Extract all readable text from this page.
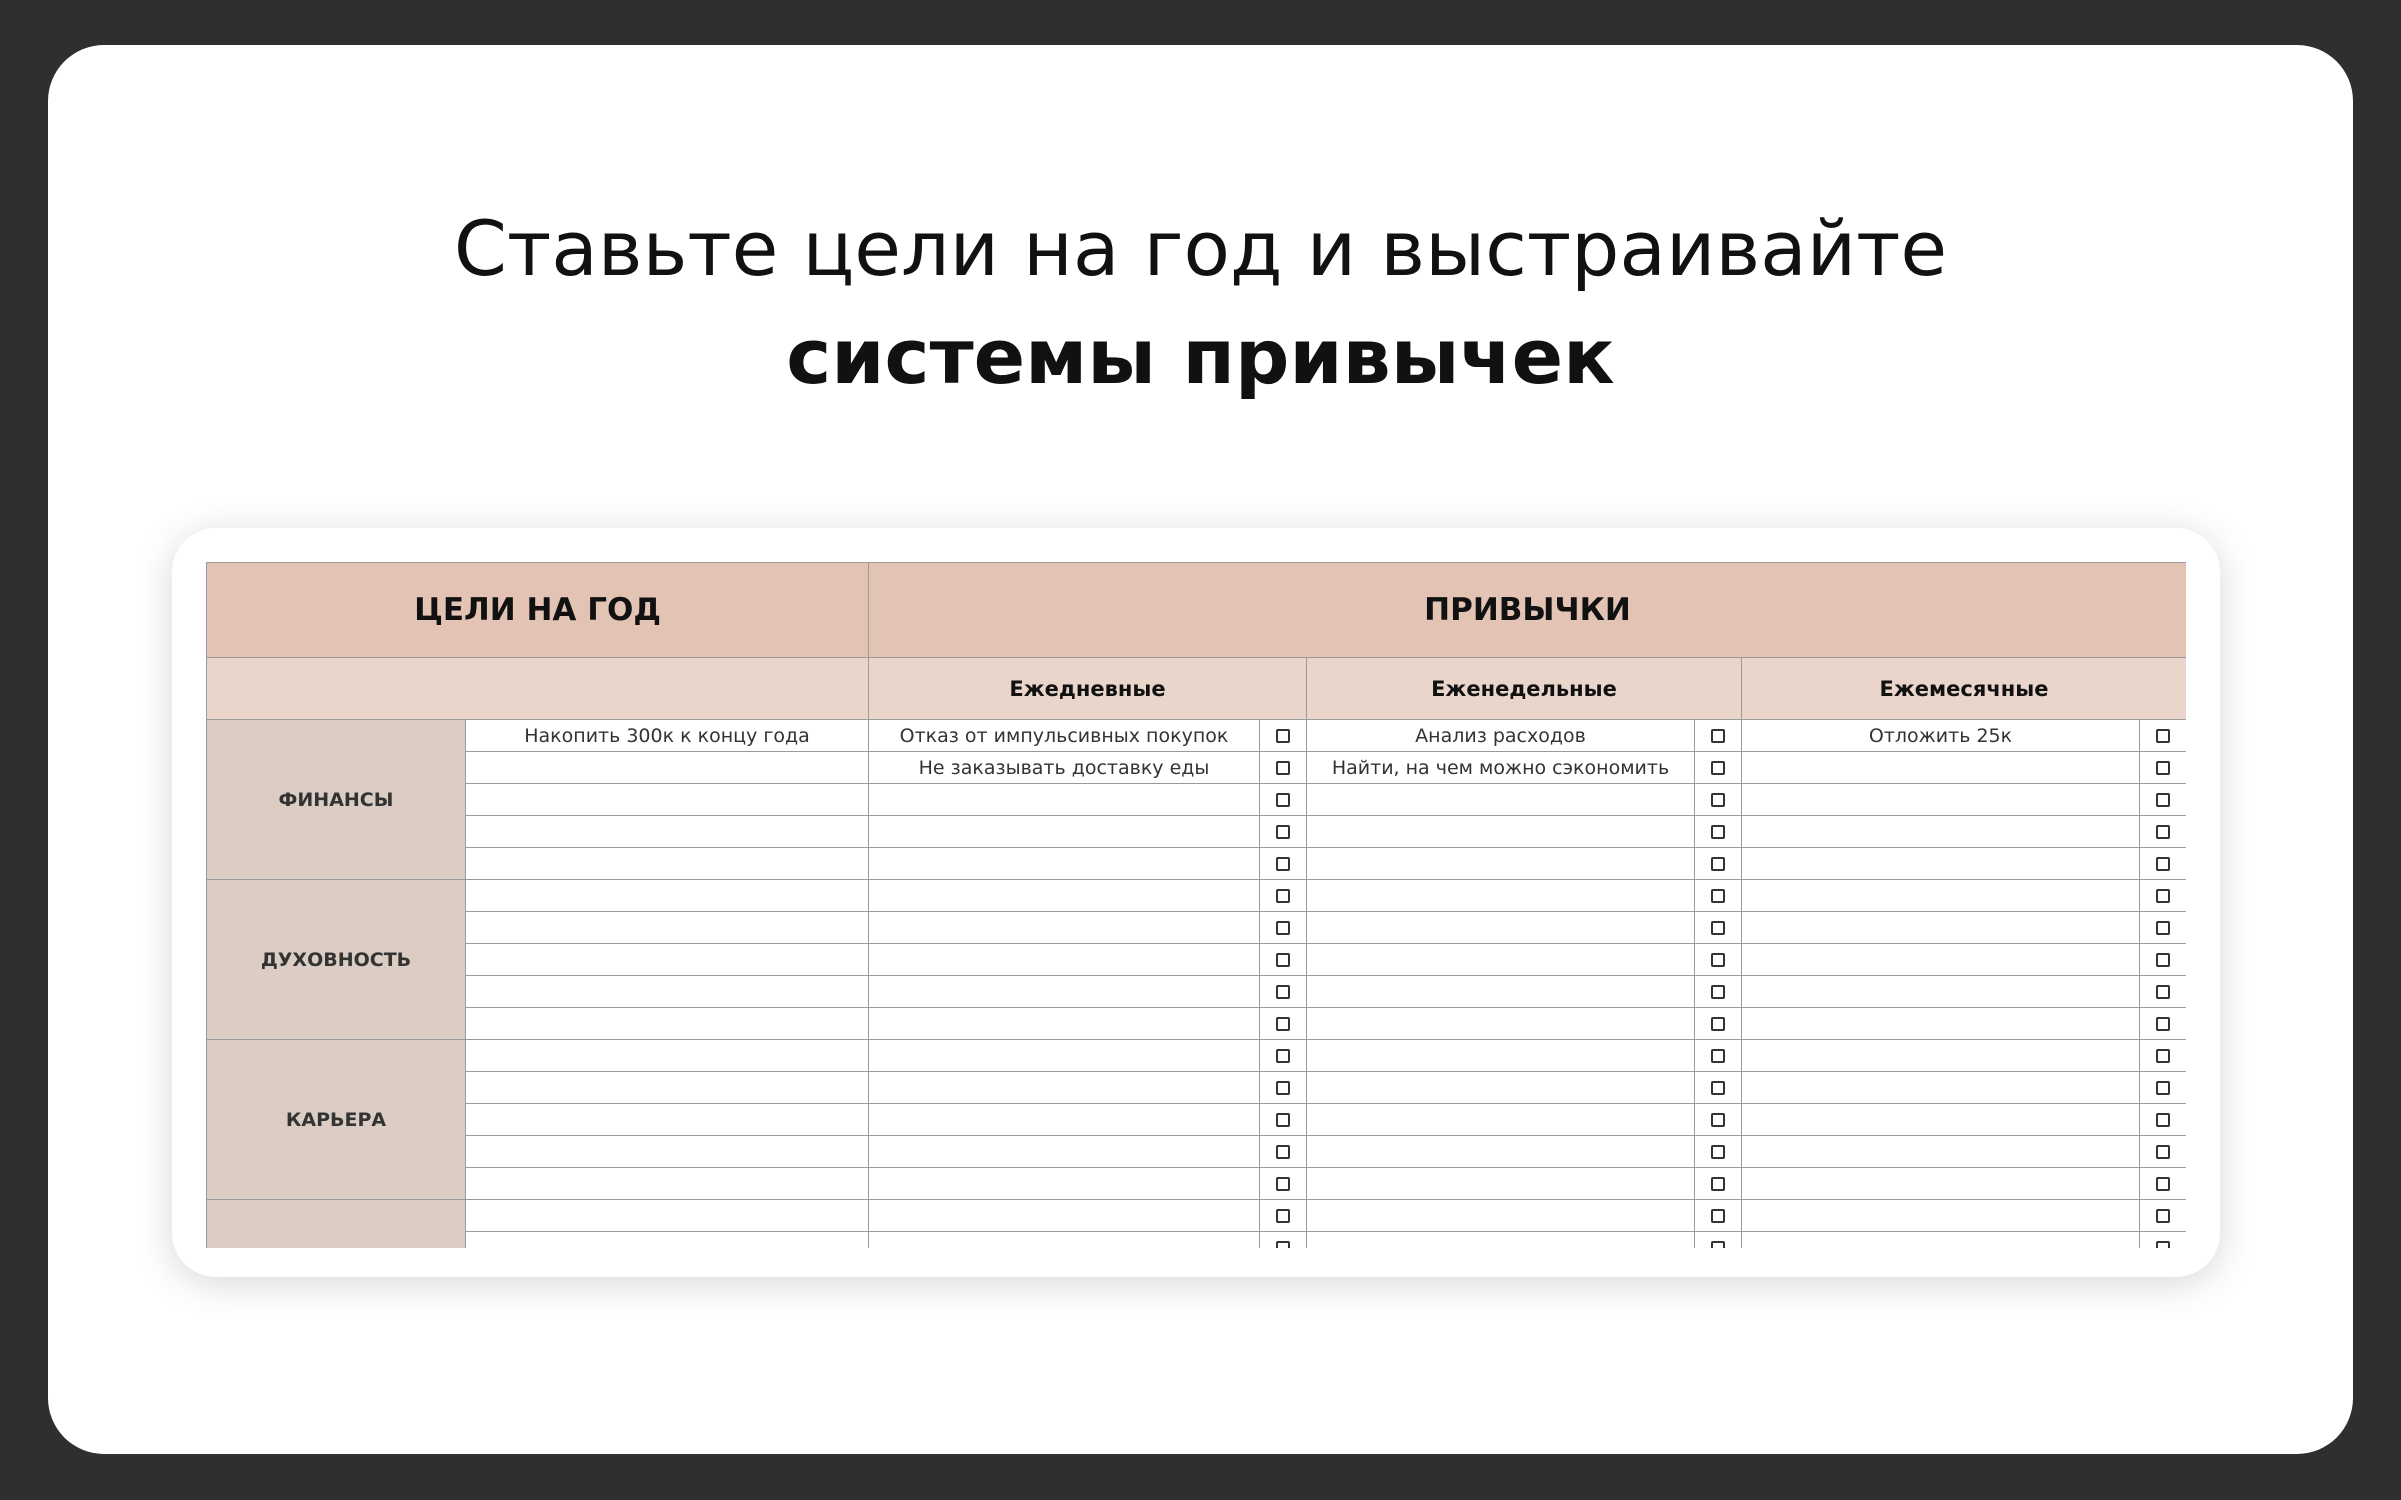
Ставьте цели на год и выстраивайте
системы привычек
ЦЕЛИ НА ГОД		ПРИВЫЧКИ					
		Ежедневные		Еженедельные		Ежемесячные	
ФИНАНСЫ	Накопить 300к к концу года	Отказ от импульсивных покупок		Анализ расходов		Отложить 25к	
		Не заказывать доставку еды		Найти, на чем можно сэкономить			

ДУХОВНОСТЬ							

КАРЬЕРА							
